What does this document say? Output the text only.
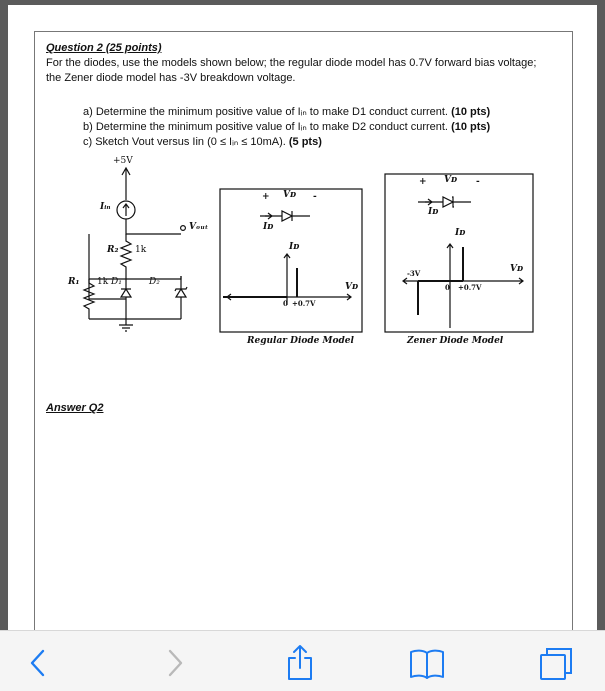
Question 2 (25 points)
For the diodes, use the models shown below; the regular diode model has 0.7V forward bias voltage;
the Zener diode model has -3V breakdown voltage.
a) Determine the minimum positive value of Iᵢₙ to make D1 conduct current. (10 pts)
b) Determine the minimum positive value of Iᵢₙ to make D2 conduct current. (10 pts)
c) Sketch Vout versus Iin (0 ≤ Iᵢₙ ≤ 10mA). (5 pts)
+5V
Iᵢₙ
Vₒᵤₜ
R₂ 1k
R₁ 1k D₁	D₂
+ Vᴅ -
Iᴅ
Iᴅ
Vᴅ
0 +0.7V
Regular Diode Model
+ Vᴅ -
Iᴅ
Iᴅ
Vᴅ
-3V
0 +0.7V
Zener Diode Model
Answer Q2
